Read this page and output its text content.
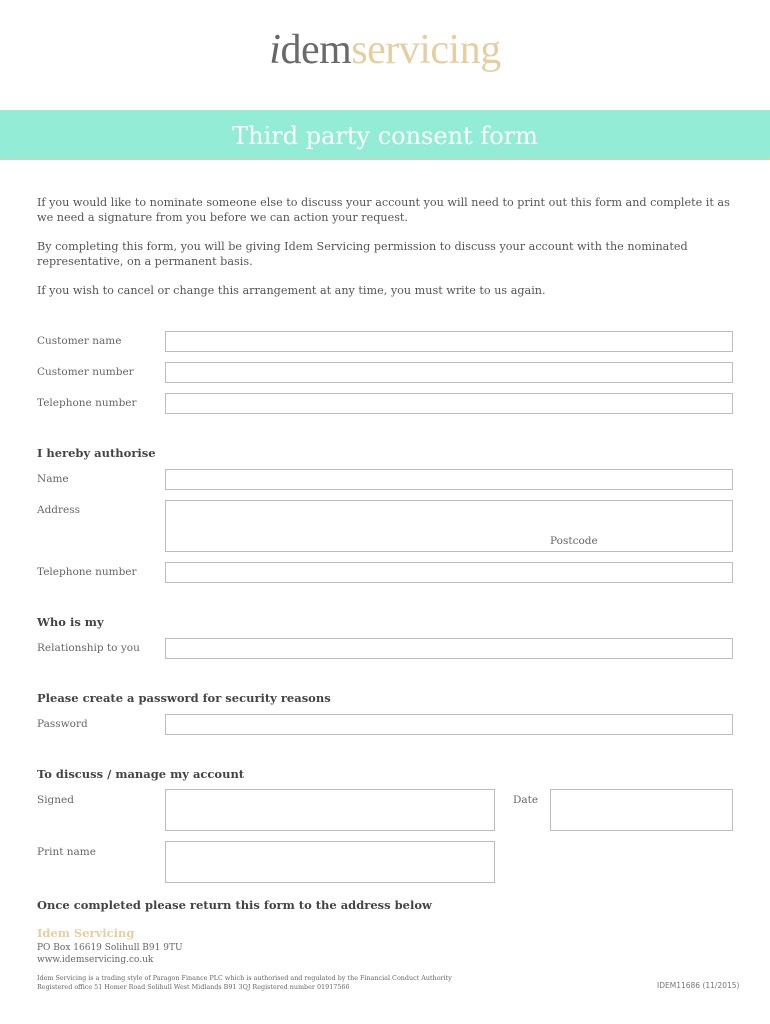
idemservicing
Third party consent form
If you would like to nominate someone else to discuss your account you will need to print out this form and complete it as we need a signature from you before we can action your request.
By completing this form, you will be giving Idem Servicing permission to discuss your account with the nominated representative, on a permanent basis.
If you wish to cancel or change this arrangement at any time, you must write to us again.
Customer name
Customer number
Telephone number
I hereby authorise
Name
Address
Postcode
Telephone number
Who is my
Relationship to you
Please create a password for security reasons
Password
To discuss / manage my account
Signed	Date
Print name
Once completed please return this form to the address below
Idem Servicing
PO Box 16619 Solihull B91 9TU
www.idemservicing.co.uk
Idem Servicing is a trading style of Paragon Finance PLC which is authorised and regulated by the Financial Conduct Authority
Registered office 51 Homer Road Solihull West Midlands B91 3QJ Registered number 01917566	IDEM11686 (11/2015)
